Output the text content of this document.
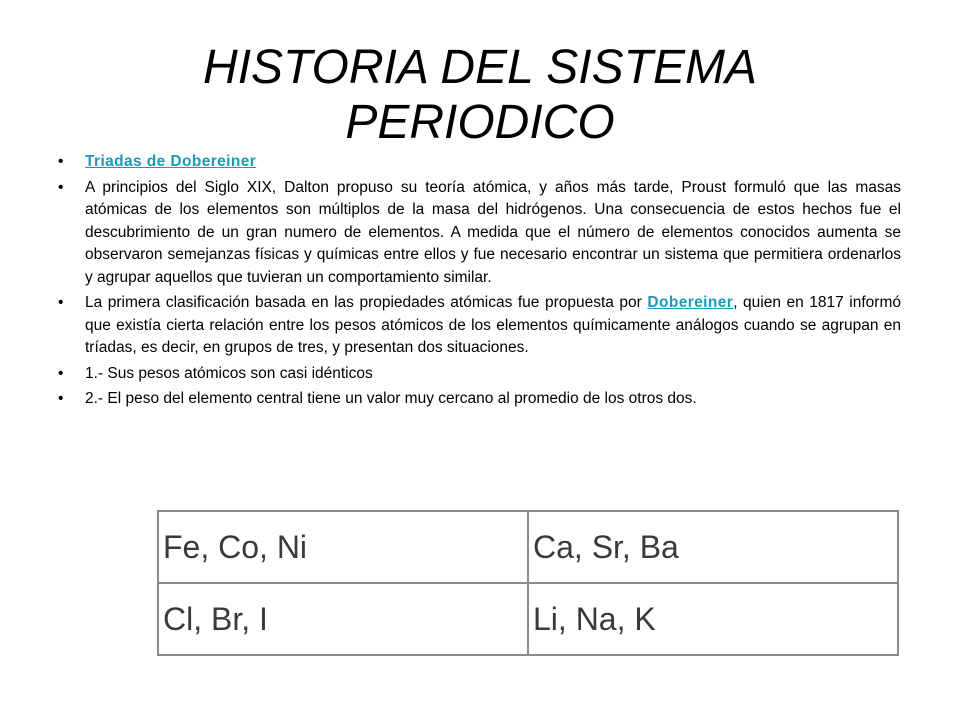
HISTORIA DEL SISTEMA PERIODICO
• Triadas de Dobereiner
• A principios del Siglo XIX, Dalton propuso su teoría atómica, y años más tarde, Proust formuló que las masas atómicas de los elementos son múltiplos de la masa del hidrógenos. Una consecuencia de estos hechos fue el descubrimiento de un gran numero de elementos. A medida que el número de elementos conocidos aumenta se observaron semejanzas físicas y químicas entre ellos y fue necesario encontrar un sistema que permitiera ordenarlos y agrupar aquellos que tuvieran un comportamiento similar.
• La primera clasificación basada en las propiedades atómicas fue propuesta por Dobereiner, quien en 1817 informó que existía cierta relación entre los pesos atómicos de los elementos químicamente análogos cuando se agrupan en tríadas, es decir, en grupos de tres, y presentan dos situaciones.
• 1.- Sus pesos atómicos son casi idénticos
• 2.- El peso del elemento central tiene un valor muy cercano al promedio de los otros dos.
Fe, Co, Ni	Ca, Sr, Ba
Cl, Br, I	Li, Na, K
